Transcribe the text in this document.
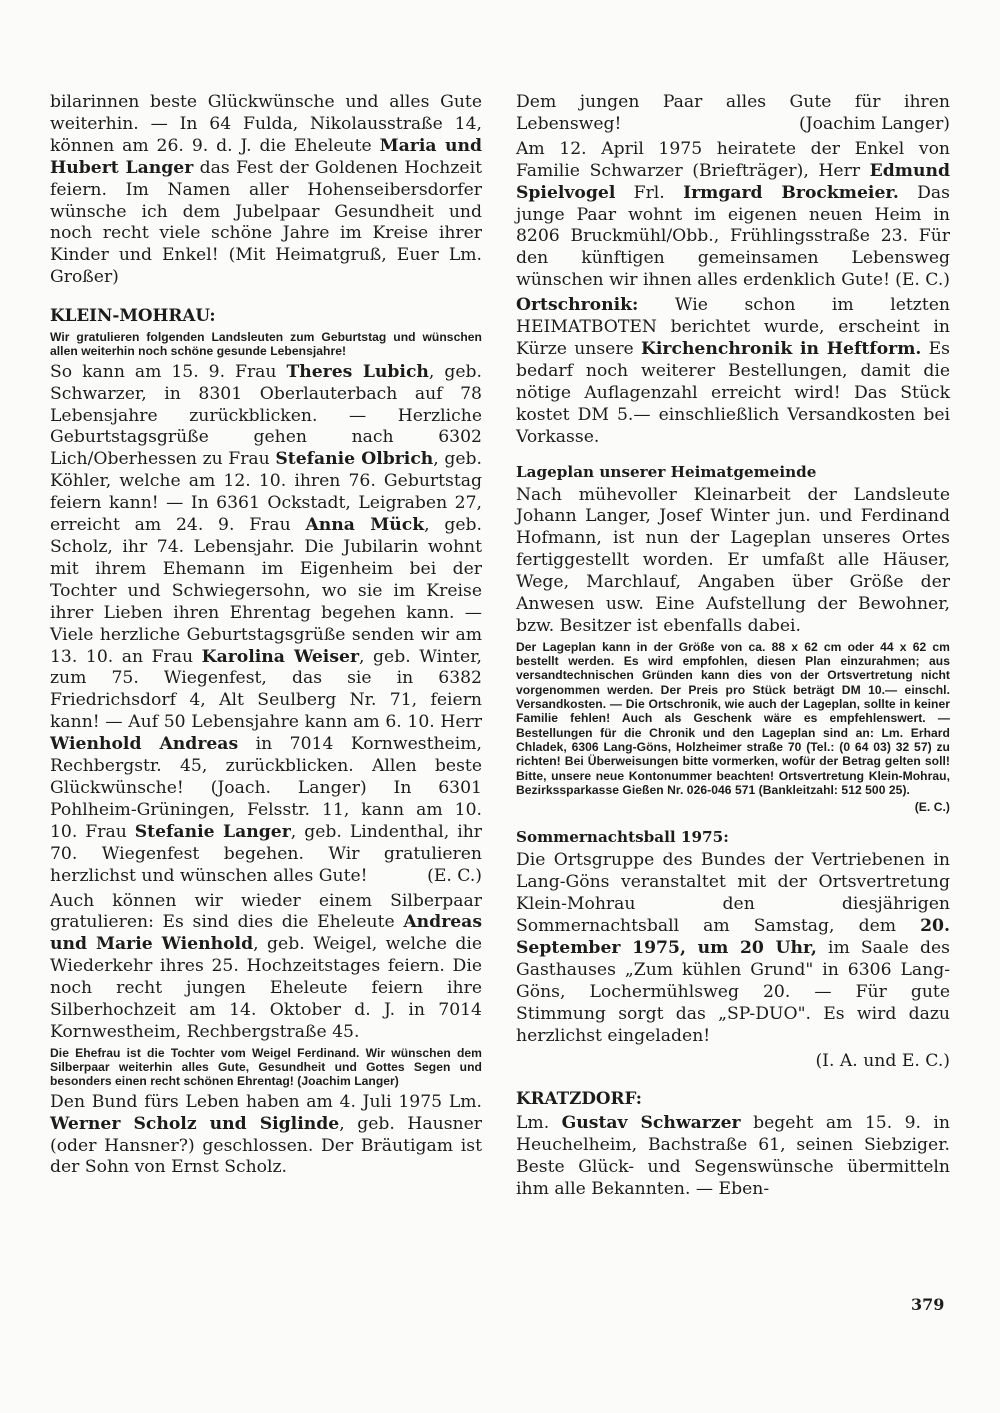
bilarinnen beste Glückwünsche und alles Gute weiterhin. — In 64 Fulda, Nikolausstraße 14, können am 26. 9. d. J. die Eheleute Maria und Hubert Langer das Fest der Goldenen Hochzeit feiern. Im Namen aller Hohenseibersdorfer wünsche ich dem Jubelpaar Gesundheit und noch recht viele schöne Jahre im Kreise ihrer Kinder und Enkel! (Mit Heimatgruß, Euer Lm. Großer)

KLEIN-MOHRAU:

Wir gratulieren folgenden Landsleuten zum Geburtstag und wünschen allen weiterhin noch schöne gesunde Lebensjahre!

So kann am 15. 9. Frau Theres Lubich, geb. Schwarzer, in 8301 Oberlauterbach auf 78 Lebensjahre zurückblicken. — Herzliche Geburtstagsgrüße gehen nach 6302 Lich/Oberhessen zu Frau Stefanie Olbrich, geb. Köhler, welche am 12. 10. ihren 76. Geburtstag feiern kann! — In 6361 Ockstadt, Leigraben 27, erreicht am 24. 9. Frau Anna Mück, geb. Scholz, ihr 74. Lebensjahr. Die Jubilarin wohnt mit ihrem Ehemann im Eigenheim bei der Tochter und Schwiegersohn, wo sie im Kreise ihrer Lieben ihren Ehrentag begehen kann. — Viele herzliche Geburtstagsgrüße senden wir am 13. 10. an Frau Karolina Weiser, geb. Winter, zum 75. Wiegenfest, das sie in 6382 Friedrichsdorf 4, Alt Seulberg Nr. 71, feiern kann! — Auf 50 Lebensjahre kann am 6. 10. Herr Wienhold Andreas in 7014 Kornwestheim, Rechbergstr. 45, zurückblicken. Allen beste Glückwünsche! (Joach. Langer) In 6301 Pohlheim-Grüningen, Felsstr. 11, kann am 10. 10. Frau Stefanie Langer, geb. Lindenthal, ihr 70. Wiegenfest begehen. Wir gratulieren herzlichst und wünschen alles Gute!	(E. C.)

Auch können wir wieder einem Silberpaar gratulieren: Es sind dies die Eheleute Andreas und Marie Wienhold, geb. Weigel, welche die Wiederkehr ihres 25. Hochzeitstages feiern. Die noch recht jungen Eheleute feiern ihre Silberhochzeit am 14. Oktober d. J. in 7014 Kornwestheim, Rechbergstraße 45.

Die Ehefrau ist die Tochter vom Weigel Ferdinand. Wir wünschen dem Silberpaar weiterhin alles Gute, Gesundheit und Gottes Segen und besonders einen recht schönen Ehrentag! (Joachim Langer)

Den Bund fürs Leben haben am 4. Juli 1975 Lm. Werner Scholz und Siglinde, geb. Hausner (oder Hansner?) geschlossen. Der Bräutigam ist der Sohn von Ernst Scholz.

Dem jungen Paar alles Gute für ihren Lebensweg!	(Joachim Langer)

Am 12. April 1975 heiratete der Enkel von Familie Schwarzer (Briefträger), Herr Edmund Spielvogel Frl. Irmgard Brockmeier. Das junge Paar wohnt im eigenen neuen Heim in 8206 Bruckmühl/Obb., Frühlingsstraße 23. Für den künftigen gemeinsamen Lebensweg wünschen wir ihnen alles erdenklich Gute! (E. C.)

Ortschronik: Wie schon im letzten HEIMATBOTEN berichtet wurde, erscheint in Kürze unsere Kirchenchronik in Heftform. Es bedarf noch weiterer Bestellungen, damit die nötige Auflagenzahl erreicht wird! Das Stück kostet DM 5.— einschließlich Versandkosten bei Vorkasse.

Lageplan unserer Heimatgemeinde

Nach mühevoller Kleinarbeit der Landsleute Johann Langer, Josef Winter jun. und Ferdinand Hofmann, ist nun der Lageplan unseres Ortes fertiggestellt worden. Er umfaßt alle Häuser, Wege, Marchlauf, Angaben über Größe der Anwesen usw. Eine Aufstellung der Bewohner, bzw. Besitzer ist ebenfalls dabei.

Der Lageplan kann in der Größe von ca. 88 x 62 cm oder 44 x 62 cm bestellt werden. Es wird empfohlen, diesen Plan einzurahmen; aus versandtechnischen Gründen kann dies von der Ortsvertretung nicht vorgenommen werden. Der Preis pro Stück beträgt DM 10.— einschl. Versandkosten. — Die Ortschronik, wie auch der Lageplan, sollte in keiner Familie fehlen! Auch als Geschenk wäre es empfehlenswert. — Bestellungen für die Chronik und den Lageplan sind an: Lm. Erhard Chladek, 6306 Lang-Göns, Holzheimer straße 70 (Tel.: (0 64 03) 32 57) zu richten! Bei Überweisungen bitte vormerken, wofür der Betrag gelten soll! Bitte, unsere neue Kontonummer beachten! Ortsvertretung Klein-Mohrau, Bezirkssparkasse Gießen Nr. 026-046 571 (Bankleitzahl: 512 500 25).

(E. C.)
Sommernachtsball 1975:

Die Ortsgruppe des Bundes der Vertriebenen in Lang-Göns veranstaltet mit der Ortsvertretung Klein-Mohrau den diesjährigen Sommernachtsball am Samstag, dem 20. September 1975, um 20 Uhr, im Saale des Gasthauses „Zum kühlen Grund" in 6306 Lang-Göns, Lochermühlsweg 20. — Für gute Stimmung sorgt das „SP-DUO". Es wird dazu herzlichst eingeladen!

(I. A. und E. C.)
KRATZDORF:

Lm. Gustav Schwarzer begeht am 15. 9. in Heuchelheim, Bachstraße 61, seinen Siebziger. Beste Glück- und Segenswünsche übermitteln ihm alle Bekannten. — Eben-

379
